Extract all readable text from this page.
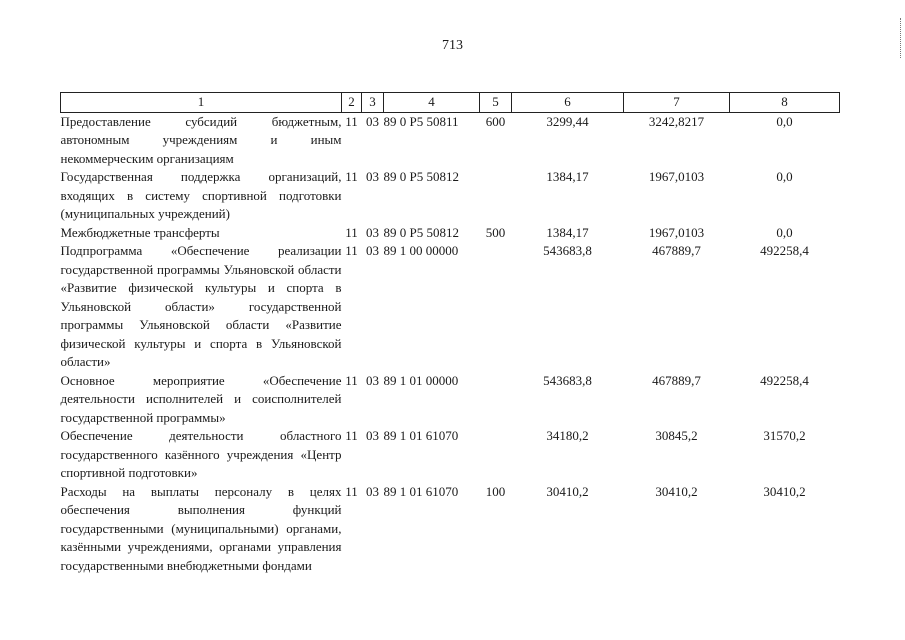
713
1	2	3	4	5	6	7	8
Предоставление субсидий бюджетным, автономным учреждениям и иным некоммерческим организациям	11	03	89 0 P5 50811	600	3299,44	3242,8217	0,0
Государственная поддержка организаций, входящих в систему спортивной подготовки (муниципальных учреждений)	11	03	89 0 P5 50812		1384,17	1967,0103	0,0
Межбюджетные трансферты	11	03	89 0 P5 50812	500	1384,17	1967,0103	0,0
Подпрограмма «Обеспечение реализации государственной программы Ульяновской области «Развитие физической культуры и спорта в Ульяновской области» государственной программы Ульяновской области «Развитие физической культуры и спорта в Ульяновской области»	11	03	89 1 00 00000		543683,8	467889,7	492258,4
Основное мероприятие «Обеспечение деятельности исполнителей и соисполнителей государственной программы»	11	03	89 1 01 00000		543683,8	467889,7	492258,4
Обеспечение деятельности областного государственного казённого учреждения «Центр спортивной подготовки»	11	03	89 1 01 61070		34180,2	30845,2	31570,2
Расходы на выплаты персоналу в целях обеспечения выполнения функций государственными (муниципальными) органами, казёнными учреждениями, органами управления государственными внебюджетными фондами	11	03	89 1 01 61070	100	30410,2	30410,2	30410,2
